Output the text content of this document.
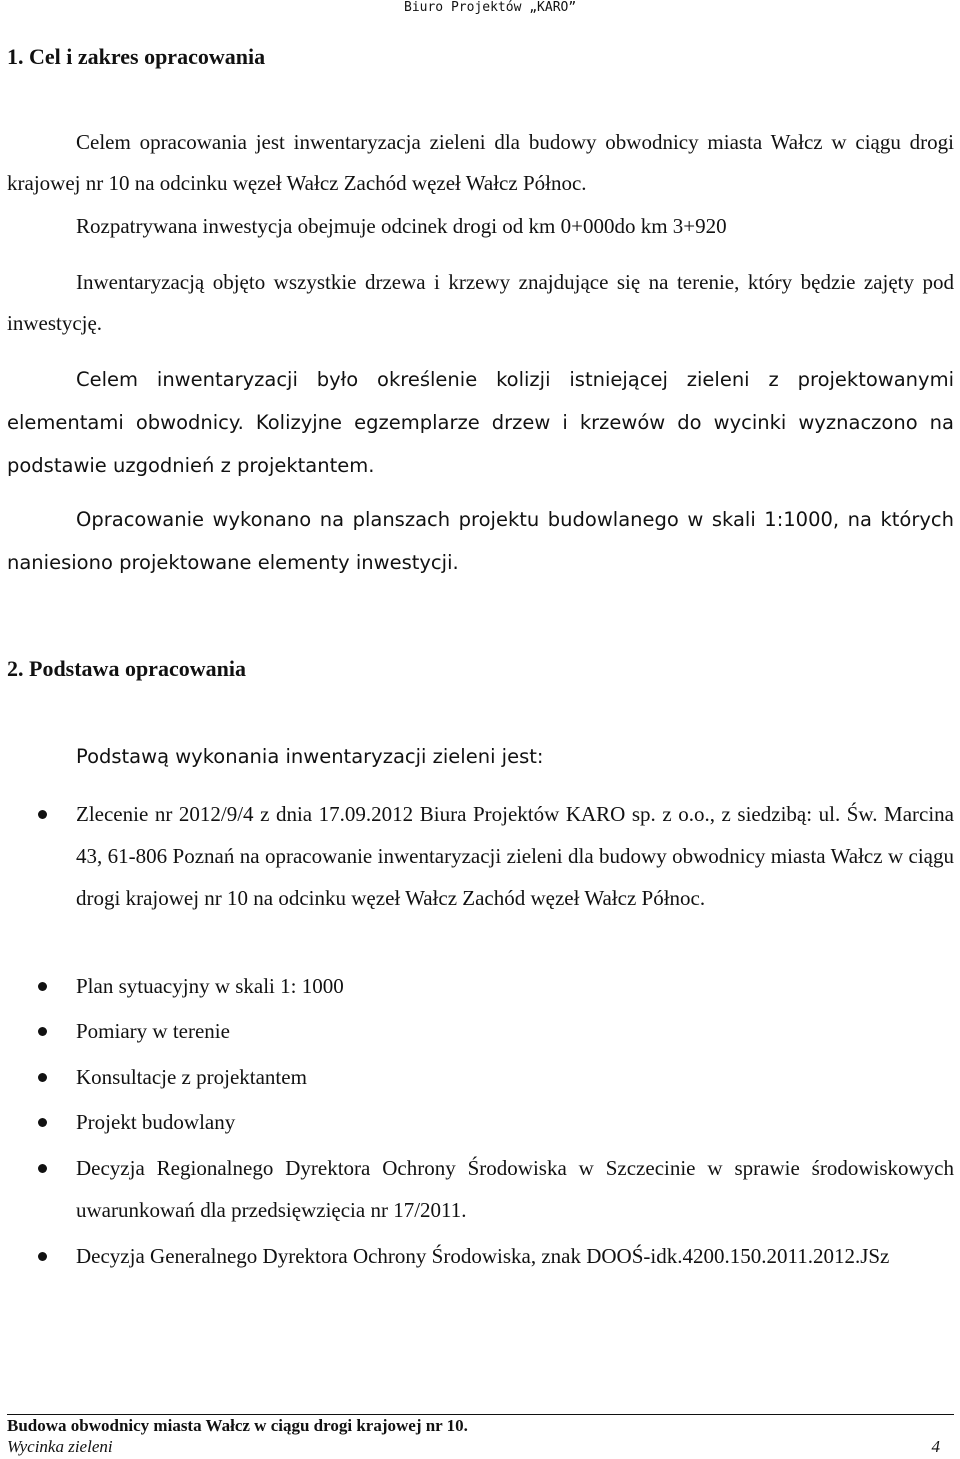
Biuro Projektów „KARO”
1. Cel i zakres opracowania

Celem opracowania jest inwentaryzacja zieleni dla budowy obwodnicy miasta Wałcz w ciągu drogi krajowej nr 10 na odcinku węzeł Wałcz Zachód węzeł Wałcz Północ.

Rozpatrywana inwestycja obejmuje odcinek drogi od km 0+000do km 3+920

Inwentaryzacją objęto wszystkie drzewa i krzewy znajdujące się na terenie, który będzie zajęty pod inwestycję.

Celem inwentaryzacji było określenie kolizji istniejącej zieleni z projektowanymi elementami obwodnicy. Kolizyjne egzemplarze drzew i krzewów do wycinki wyznaczono na podstawie uzgodnień z projektantem.

Opracowanie wykonano na planszach projektu budowlanego w skali 1:1000, na których naniesiono projektowane elementy inwestycji.

2. Podstawa opracowania

Podstawą wykonania inwentaryzacji zieleni jest:

Zlecenie nr 2012/9/4 z dnia 17.09.2012 Biura Projektów KARO sp. z o.o., z siedzibą: ul. Św. Marcina 43, 61-806 Poznań na opracowanie inwentaryzacji zieleni dla budowy obwodnicy miasta Wałcz w ciągu drogi krajowej nr 10 na odcinku węzeł Wałcz Zachód węzeł Wałcz Północ.
Plan sytuacyjny w skali 1: 1000
Pomiary w terenie
Konsultacje z projektantem
Projekt budowlany
Decyzja Regionalnego Dyrektora Ochrony Środowiska w Szczecinie w sprawie środowiskowych uwarunkowań dla przedsięwzięcia nr 17/2011.
Decyzja Generalnego Dyrektora Ochrony Środowiska, znak DOOŚ-idk.4200.150.2011.2012.JSz
Budowa obwodnicy miasta Wałcz w ciągu drogi krajowej nr 10.
Wycinka zieleni	4
